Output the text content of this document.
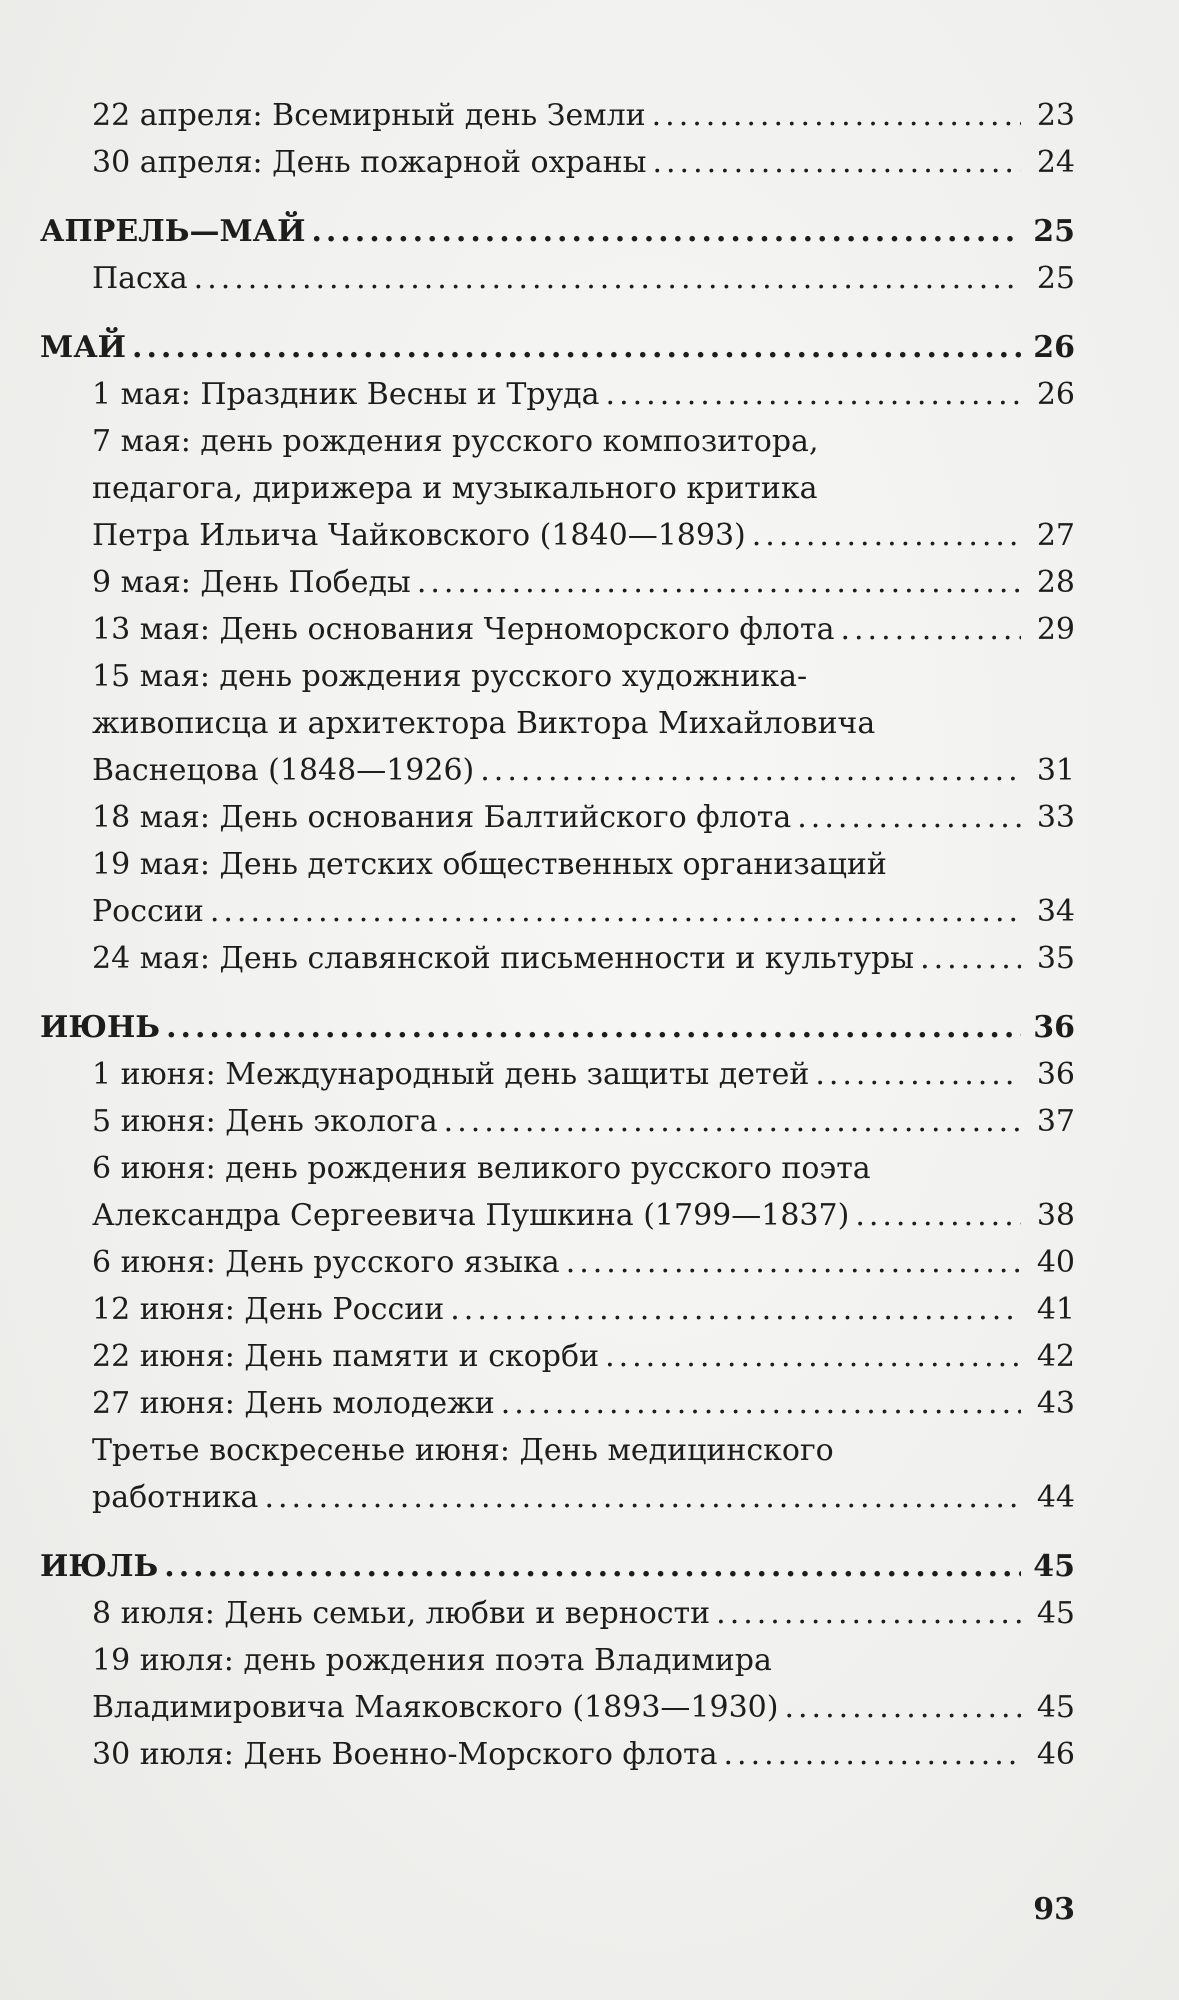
22 апреля: Всемирный день Земли .....	23
30 апреля: День пожарной охраны .....	24
АПРЕЛЬ—МАЙ .....	25
Пасха .....	25
МАЙ .....	26
1 мая: Праздник Весны и Труда .....	26
7 мая: день рождения русского композитора,
педагога, дирижера и музыкального критика
Петра Ильича Чайковского (1840—1893) .....	27
9 мая: День Победы .....	28
13 мая: День основания Черноморского флота .....	29
15 мая: день рождения русского художника-
живописца и архитектора Виктора Михайловича
Васнецова (1848—1926) .....	31
18 мая: День основания Балтийского флота .....	33
19 мая: День детских общественных организаций
России .....	34
24 мая: День славянской письменности и культуры .....	35
ИЮНЬ .....	36
1 июня: Международный день защиты детей .....	36
5 июня: День эколога .....	37
6 июня: день рождения великого русского поэта
Александра Сергеевича Пушкина (1799—1837) .....	38
6 июня: День русского языка .....	40
12 июня: День России .....	41
22 июня: День памяти и скорби .....	42
27 июня: День молодежи .....	43
Третье воскресенье июня: День медицинского
работника .....	44
ИЮЛЬ .....	45
8 июля: День семьи, любви и верности .....	45
19 июля: день рождения поэта Владимира
Владимировича Маяковского (1893—1930) .....	45
30 июля: День Военно-Морского флота .....	46
93
